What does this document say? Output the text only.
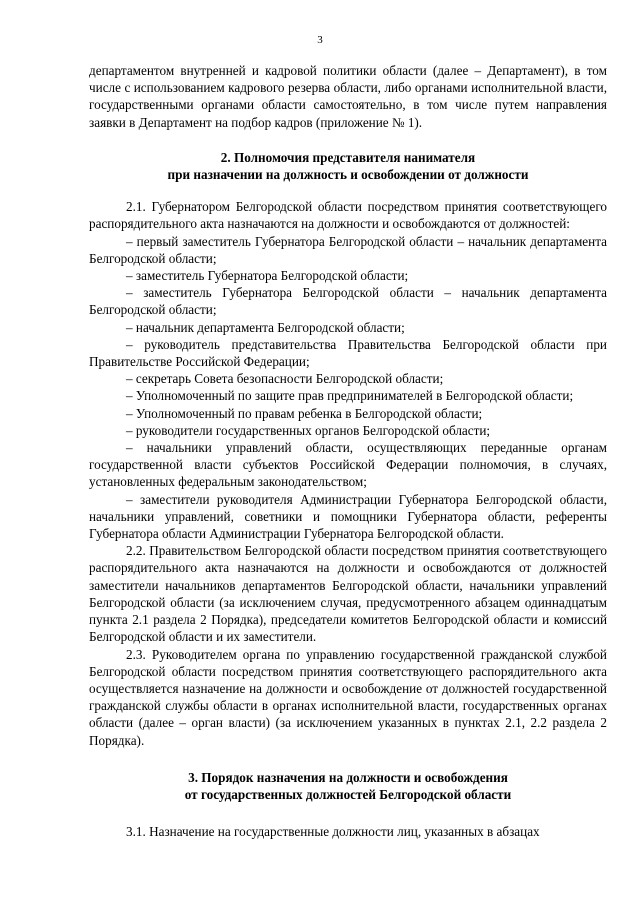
3

департаментом внутренней и кадровой политики области (далее – Департамент), в том числе с использованием кадрового резерва области, либо органами исполнительной власти, государственными органами области самостоятельно, в том числе путем направления заявки в Департамент на подбор кадров (приложение № 1).

2. Полномочия представителя нанимателя

при назначении на должность и освобождении от должности

2.1. Губернатором Белгородской области посредством принятия соответствующего распорядительного акта назначаются на должности и освобождаются от должностей:

– первый заместитель Губернатора Белгородской области – начальник департамента Белгородской области;

– заместитель Губернатора Белгородской области;

– заместитель Губернатора Белгородской области – начальник департамента Белгородской области;

– начальник департамента Белгородской области;

– руководитель представительства Правительства Белгородской области при Правительстве Российской Федерации;

– секретарь Совета безопасности Белгородской области;

– Уполномоченный по защите прав предпринимателей в Белгородской области;

– Уполномоченный по правам ребенка в Белгородской области;

– руководители государственных органов Белгородской области;

– начальники управлений области, осуществляющих переданные органам государственной власти субъектов Российской Федерации полномочия, в случаях, установленных федеральным законодательством;

– заместители руководителя Администрации Губернатора Белгородской области, начальники управлений, советники и помощники Губернатора области, референты Губернатора области Администрации Губернатора Белгородской области.

2.2. Правительством Белгородской области посредством принятия соответствующего распорядительного акта назначаются на должности и освобождаются от должностей заместители начальников департаментов Белгородской области, начальники управлений Белгородской области (за исключением случая, предусмотренного абзацем одиннадцатым пункта 2.1 раздела 2 Порядка), председатели комитетов Белгородской области и комиссий Белгородской области и их заместители.

2.3. Руководителем органа по управлению государственной гражданской службой Белгородской области посредством принятия соответствующего распорядительного акта осуществляется назначение на должности и освобождение от должностей государственной гражданской службы области в органах исполнительной власти, государственных органах области (далее – орган власти) (за исключением указанных в пунктах 2.1, 2.2 раздела 2 Порядка).

3. Порядок назначения на должности и освобождения

от государственных должностей Белгородской области

3.1. Назначение на государственные должности лиц, указанных в абзацах
